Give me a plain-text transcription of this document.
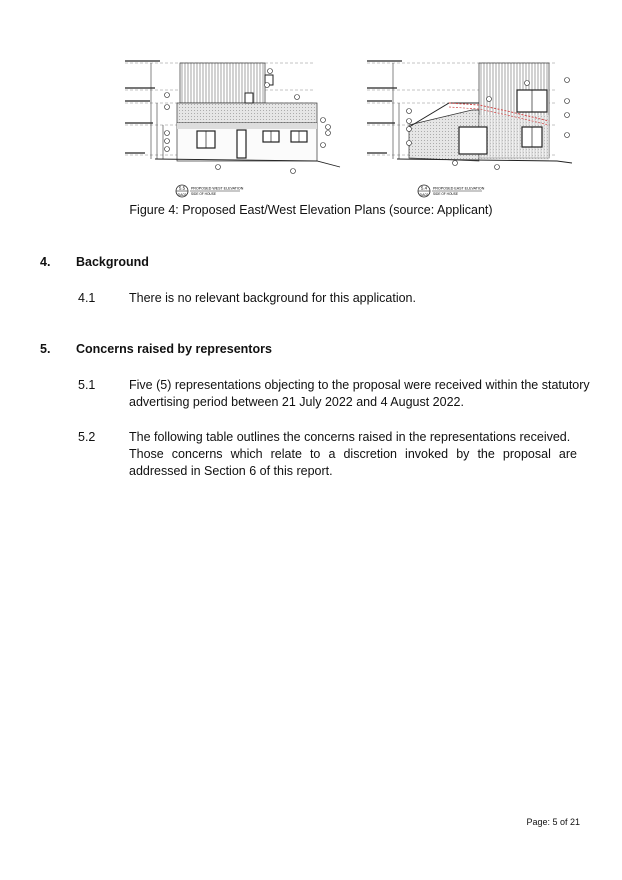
5.5
DA02
PROPOSED WEST ELEVATION
SIDE OF HOUSE
5.4
DA02
PROPOSED EAST ELEVATION
SIDE OF HOUSE
Figure 4: Proposed East/West Elevation Plans (source: Applicant)
4. Background
4.1	There is no relevant background for this application.
5. Concerns raised by representors
5.1	Five (5) representations objecting to the proposal were received within the statutory
advertising period between 21 July 2022 and 4 August 2022.
5.2	The following table outlines the concerns raised in the representations received.
Those concerns which relate to a discretion invoked by the proposal are
addressed in Section 6 of this report.
Page: 5 of 21
